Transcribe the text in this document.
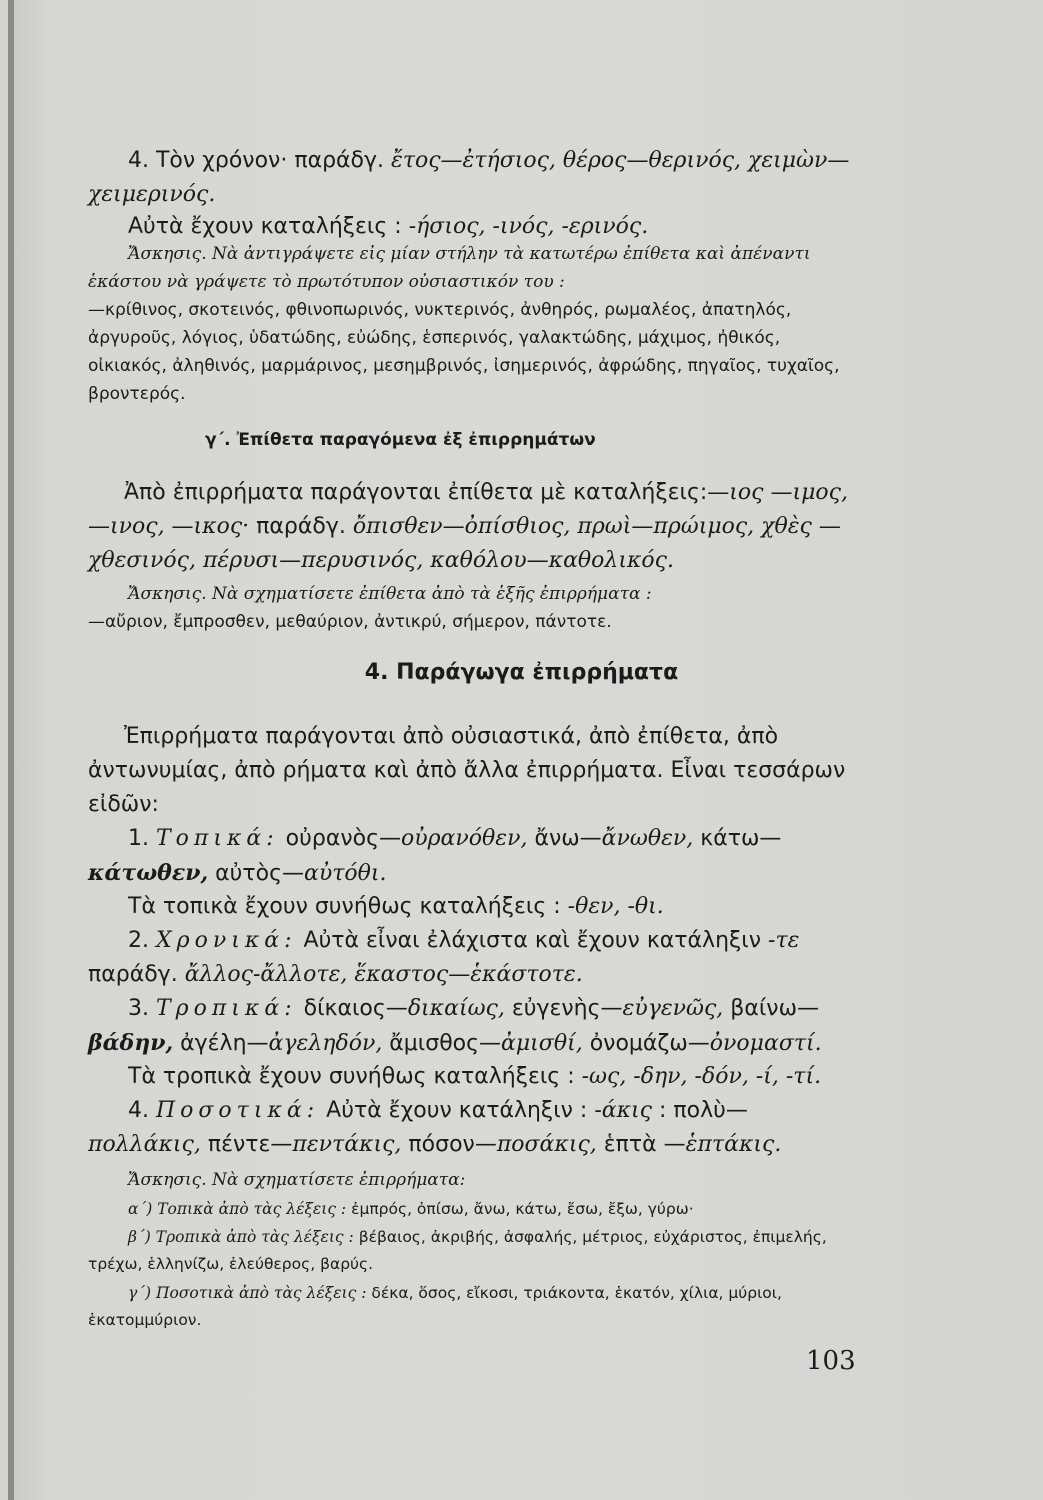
4. Τὸν χρόνον· παράδγ. ἔτος—ἐτήσιος, θέρος—θερινός, χειμὼν—χειμερινός.

Αὐτὰ ἔχουν καταλήξεις : -ήσιος, -ινός, -ερινός.

Ἄσκησις. Νὰ ἀντιγράψετε εἰς μίαν στήλην τὰ κατωτέρω ἐπίθετα καὶ ἀπέναντι ἑκάστου νὰ γράψετε τὸ πρωτότυπον οὐσιαστικόν του :
—κρίθινος, σκοτεινός, φθινοπωρινός, νυκτερινός, ἀνθηρός, ρωμαλέος, ἀπατηλός, ἀργυροῦς, λόγιος, ὑδατώδης, εὐώδης, ἑσπερινός, γαλακτώδης, μάχιμος, ἠθικός, οἰκιακός, ἀληθινός, μαρμάρινος, μεσημβρινός, ἰσημερινός, ἀφρώδης, πηγαῖος, τυχαῖος, βροντερός.

γ΄. Ἐπίθετα παραγόμενα ἐξ ἐπιρρημάτων

Ἀπὸ ἐπιρρήματα παράγονται ἐπίθετα μὲ καταλήξεις:—ιος —ιμος, —ινος, —ικος· παράδγ. ὄπισθεν—ὀπίσθιος, πρωὶ—πρώιμος, χθὲς —χθεσινός, πέρυσι—περυσινός, καθόλου—καθολικός.

Ἄσκησις. Νὰ σχηματίσετε ἐπίθετα ἀπὸ τὰ ἑξῆς ἐπιρρήματα :
—αὔριον, ἔμπροσθεν, μεθαύριον, ἀντικρύ, σήμερον, πάντοτε.

4. Παράγωγα ἐπιρρήματα

Ἐπιρρήματα παράγονται ἀπὸ οὐσιαστικά, ἀπὸ ἐπίθετα, ἀπὸ ἀντωνυμίας, ἀπὸ ρήματα καὶ ἀπὸ ἄλλα ἐπιρρήματα. Εἶναι τεσσάρων εἰδῶν:

1. Τοπικά: οὐρανὸς—οὐρανόθεν, ἄνω—ἄνωθεν, κάτω—κάτωθεν, αὐτὸς—αὐτόθι.

Τὰ τοπικὰ ἔχουν συνήθως καταλήξεις : -θεν, -θι.

2. Χρονικά: Αὐτὰ εἶναι ἐλάχιστα καὶ ἔχουν κατάληξιν -τε παράδγ. ἄλλος-ἄλλοτε, ἕκαστος—ἑκάστοτε.

3. Τροπικά: δίκαιος—δικαίως, εὐγενὴς—εὐγενῶς, βαίνω—βάδην, ἀγέλη—ἀγεληδόν, ἄμισθος—ἀμισθί, ὀνομάζω—ὀνομαστί.

Τὰ τροπικὰ ἔχουν συνήθως καταλήξεις : -ως, -δην, -δόν, -ί, -τί.

4. Ποσοτικά: Αὐτὰ ἔχουν κατάληξιν : -άκις : πολὺ—πολλάκις, πέντε—πεντάκις, πόσον—ποσάκις, ἑπτὰ —ἑπτάκις.

Ἄσκησις. Νὰ σχηματίσετε ἐπιρρήματα:

α΄) Τοπικὰ ἀπὸ τὰς λέξεις : ἐμπρός, ὀπίσω, ἄνω, κάτω, ἔσω, ἔξω, γύρω·

β΄) Τροπικὰ ἀπὸ τὰς λέξεις : βέβαιος, ἀκριβής, ἀσφαλής, μέτριος, εὐχάριστος, ἐπιμελής, τρέχω, ἑλληνίζω, ἐλεύθερος, βαρύς.

γ΄) Ποσοτικὰ ἀπὸ τὰς λέξεις : δέκα, ὅσος, εἴκοσι, τριάκοντα, ἑκατόν, χίλια, μύριοι, ἑκατομμύριον.

103
